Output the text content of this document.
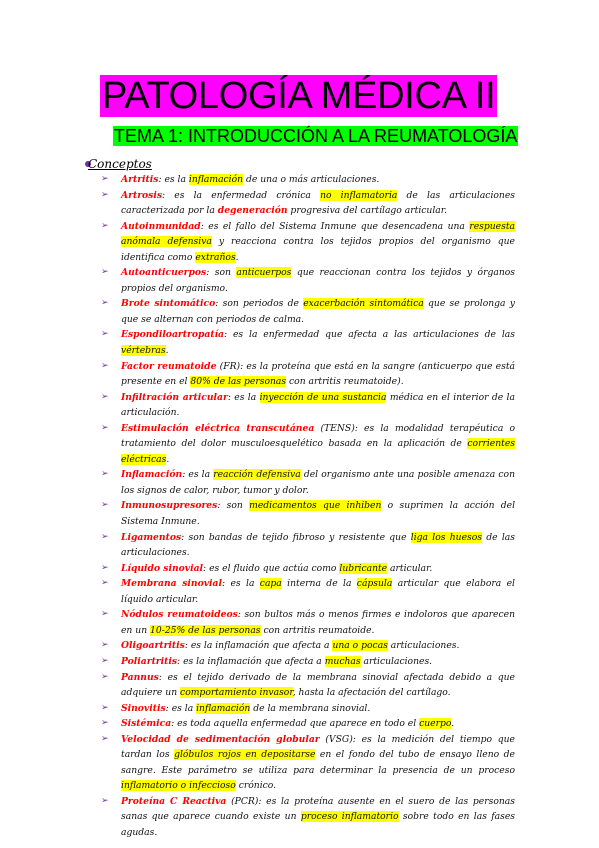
PATOLOGÍA MÉDICA II
TEMA 1: INTRODUCCIÓN A LA REUMATOLOGÍA
Conceptos
➢ Artritis: es la inflamación de una o más articulaciones.
➢ Artrosis: es la enfermedad crónica no inflamatoria de las articulaciones caracterizada por la degeneración progresiva del cartílago articular.
➢ Autoinmunidad: es el fallo del Sistema Inmune que desencadena una respuesta anómala defensiva y reacciona contra los tejidos propios del organismo que identifica como extraños.
➢ Autoanticuerpos: son anticuerpos que reaccionan contra los tejidos y órganos propios del organismo.
➢ Brote sintomático: son periodos de exacerbación sintomática que se prolonga y que se alternan con periodos de calma.
➢ Espondiloartropatía: es la enfermedad que afecta a las articulaciones de las vértebras.
➢ Factor reumatoide (FR): es la proteína que está en la sangre (anticuerpo que está presente en el 80% de las personas con artritis reumatoide).
➢ Infiltración articular: es la inyección de una sustancia médica en el interior de la articulación.
➢ Estimulación eléctrica transcutánea (TENS): es la modalidad terapéutica o tratamiento del dolor musculoesquelético basada en la aplicación de corrientes eléctricas.
➢ Inflamación: es la reacción defensiva del organismo ante una posible amenaza con los signos de calor, rubor, tumor y dolor.
➢ Inmunosupresores: son medicamentos que inhiben o suprimen la acción del Sistema Inmune.
➢ Ligamentos: son bandas de tejido fibroso y resistente que liga los huesos de las articulaciones.
➢ Líquido sinovial: es el fluido que actúa como lubricante articular.
➢ Membrana sinovial: es la capa interna de la cápsula articular que elabora el líquido articular.
➢ Nódulos reumatoideos: son bultos más o menos firmes e indoloros que aparecen en un 10-25% de las personas con artritis reumatoide.
➢ Oligoartritis: es la inflamación que afecta a una o pocas articulaciones.
➢ Poliartritis: es la inflamación que afecta a muchas articulaciones.
➢ Pannus: es el tejido derivado de la membrana sinovial afectada debido a que adquiere un comportamiento invasor, hasta la afectación del cartílago.
➢ Sinovitis: es la inflamación de la membrana sinovial.
➢ Sistémica: es toda aquella enfermedad que aparece en todo el cuerpo.
➢ Velocidad de sedimentación globular (VSG): es la medición del tiempo que tardan los glóbulos rojos en depositarse en el fondo del tubo de ensayo lleno de sangre. Este parámetro se utiliza para determinar la presencia de un proceso inflamatorio o infeccioso crónico.
➢ Proteína C Reactiva (PCR): es la proteína ausente en el suero de las personas sanas que aparece cuando existe un proceso inflamatorio sobre todo en las fases agudas.
